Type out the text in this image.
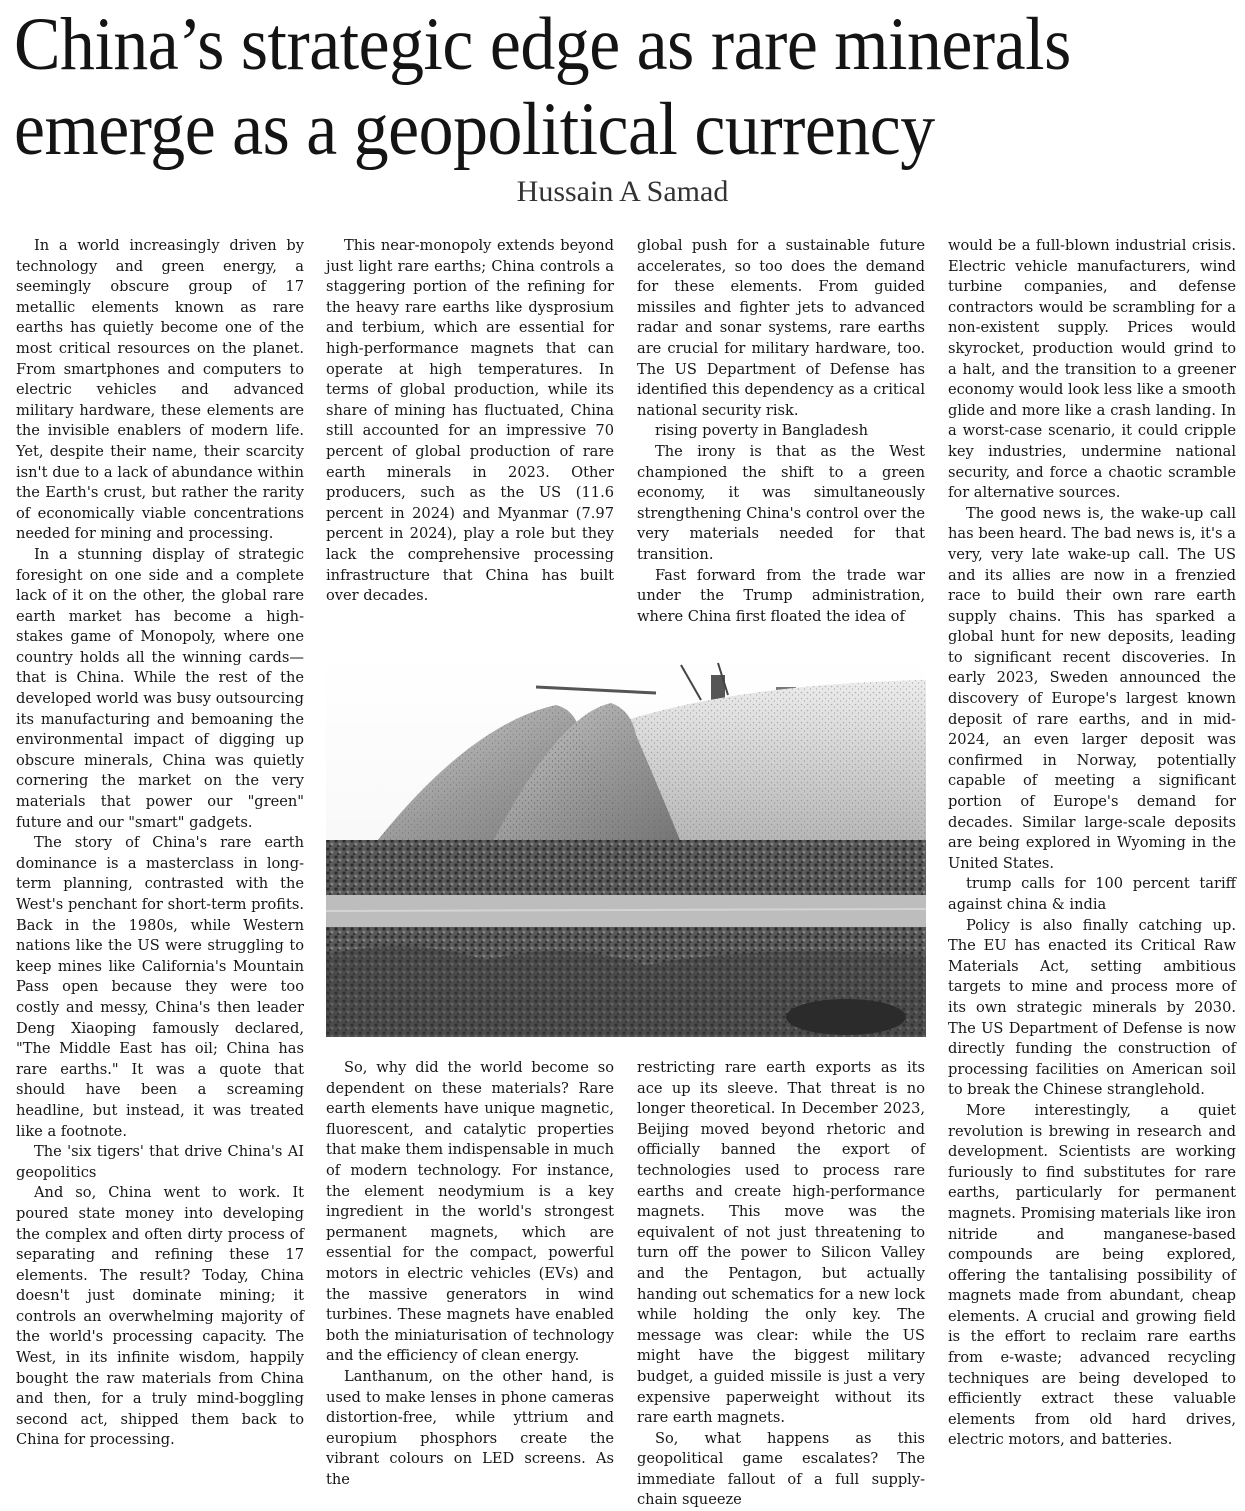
China’s strategic edge as rare minerals
emerge as a geopolitical currency
Hussain A Samad

In a world increasingly driven by technology and green energy, a seemingly obscure group of 17 metallic elements known as rare earths has quietly become one of the most critical resources on the planet. From smartphones and computers to electric vehicles and advanced military hardware, these elements are the invisible enablers of modern life. Yet, despite their name, their scarcity isn't due to a lack of abundance within the Earth's crust, but rather the rarity of economically viable concentrations needed for mining and processing.

In a stunning display of strategic foresight on one side and a complete lack of it on the other, the global rare earth market has become a high-stakes game of Monopoly, where one country holds all the winning cards—that is China. While the rest of the developed world was busy outsourcing its manufacturing and bemoaning the environmental impact of digging up obscure minerals, China was quietly cornering the market on the very materials that power our "green" future and our "smart" gadgets.

The story of China's rare earth dominance is a masterclass in long-term planning, contrasted with the West's penchant for short-term profits. Back in the 1980s, while Western nations like the US were struggling to keep mines like California's Mountain Pass open because they were too costly and messy, China's then leader Deng Xiaoping famously declared, "The Middle East has oil; China has rare earths." It was a quote that should have been a screaming headline, but instead, it was treated like a footnote.

The 'six tigers' that drive China's AI geopolitics

And so, China went to work. It poured state money into developing the complex and often dirty process of separating and refining these 17 elements. The result? Today, China doesn't just dominate mining; it controls an overwhelming majority of the world's processing capacity. The West, in its infinite wisdom, happily bought the raw materials from China and then, for a truly mind-boggling second act, shipped them back to China for processing.

This near-monopoly extends beyond just light rare earths; China controls a staggering portion of the refining for the heavy rare earths like dysprosium and terbium, which are essential for high-performance magnets that can operate at high temperatures. In terms of global production, while its share of mining has fluctuated, China still accounted for an impressive 70 percent of global production of rare earth minerals in 2023. Other producers, such as the US (11.6 percent in 2024) and Myanmar (7.97 percent in 2024), play a role but they lack the comprehensive processing infrastructure that China has built over decades.

global push for a sustainable future accelerates, so too does the demand for these elements. From guided missiles and fighter jets to advanced radar and sonar systems, rare earths are crucial for military hardware, too. The US Department of Defense has identified this dependency as a critical national security risk.

rising poverty in Bangladesh

The irony is that as the West championed the shift to a green economy, it was simultaneously strengthening China's control over the very materials needed for that transition.

Fast forward from the trade war under the Trump administration, where China first floated the idea of

So, why did the world become so dependent on these materials? Rare earth elements have unique magnetic, fluorescent, and catalytic properties that make them indispensable in much of modern technology. For instance, the element neodymium is a key ingredient in the world's strongest permanent magnets, which are essential for the compact, powerful motors in electric vehicles (EVs) and the massive generators in wind turbines. These magnets have enabled both the miniaturisation of technology and the efficiency of clean energy.

Lanthanum, on the other hand, is used to make lenses in phone cameras distortion-free, while yttrium and europium phosphors create the vibrant colours on LED screens. As the

restricting rare earth exports as its ace up its sleeve. That threat is no longer theoretical. In December 2023, Beijing moved beyond rhetoric and officially banned the export of technologies used to process rare earths and create high-performance magnets. This move was the equivalent of not just threatening to turn off the power to Silicon Valley and the Pentagon, but actually handing out schematics for a new lock while holding the only key. The message was clear: while the US might have the biggest military budget, a guided missile is just a very expensive paperweight without its rare earth magnets.

So, what happens as this geopolitical game escalates? The immediate fallout of a full supply-chain squeeze

would be a full-blown industrial crisis. Electric vehicle manufacturers, wind turbine companies, and defense contractors would be scrambling for a non-existent supply. Prices would skyrocket, production would grind to a halt, and the transition to a greener economy would look less like a smooth glide and more like a crash landing. In a worst-case scenario, it could cripple key industries, undermine national security, and force a chaotic scramble for alternative sources.

The good news is, the wake-up call has been heard. The bad news is, it's a very, very late wake-up call. The US and its allies are now in a frenzied race to build their own rare earth supply chains. This has sparked a global hunt for new deposits, leading to significant recent discoveries. In early 2023, Sweden announced the discovery of Europe's largest known deposit of rare earths, and in mid-2024, an even larger deposit was confirmed in Norway, potentially capable of meeting a significant portion of Europe's demand for decades. Similar large-scale deposits are being explored in Wyoming in the United States.

trump calls for 100 percent tariff against china & india

Policy is also finally catching up. The EU has enacted its Critical Raw Materials Act, setting ambitious targets to mine and process more of its own strategic minerals by 2030. The US Department of Defense is now directly funding the construction of processing facilities on American soil to break the Chinese stranglehold.

More interestingly, a quiet revolution is brewing in research and development. Scientists are working furiously to find substitutes for rare earths, particularly for permanent magnets. Promising materials like iron nitride and manganese-based compounds are being explored, offering the tantalising possibility of magnets made from abundant, cheap elements. A crucial and growing field is the effort to reclaim rare earths from e-waste; advanced recycling techniques are being developed to efficiently extract these valuable elements from old hard drives, electric motors, and batteries.
